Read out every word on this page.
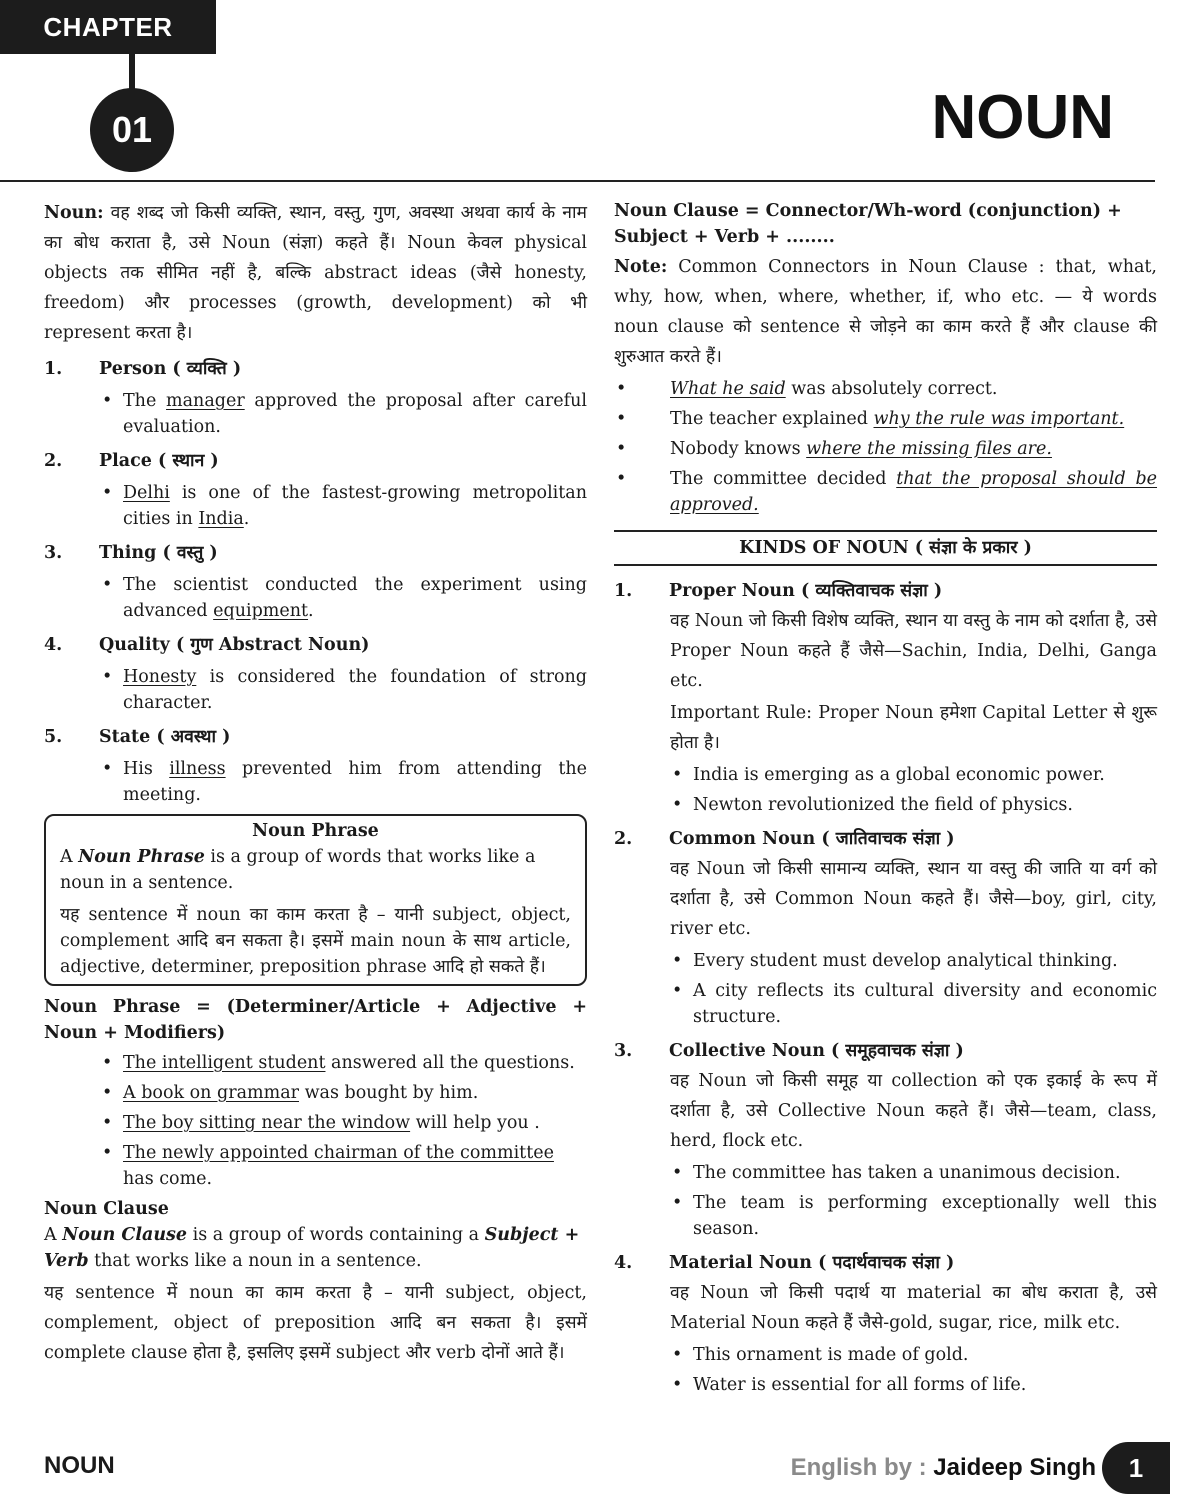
CHAPTER
01	NOUN

Noun: वह शब्द जो किसी व्यक्ति, स्थान, वस्तु, गुण, अवस्था अथवा कार्य के नाम का बोध कराता है, उसे Noun (संज्ञा) कहते हैं। Noun केवल physical objects तक सीमित नहीं है, बल्कि abstract ideas (जैसे honesty, freedom) और processes (growth, development) को भी represent करता है।

1.	Person ( व्यक्ति )
• The manager approved the proposal after careful evaluation.
2.	Place ( स्थान )
• Delhi is one of the fastest-growing metropolitan cities in India.
3.	Thing ( वस्तु )
• The scientist conducted the experiment using advanced equipment.
4.	Quality ( गुण Abstract Noun)
• Honesty is considered the foundation of strong character.
5.	State ( अवस्था )
• His illness prevented him from attending the meeting.
Noun Phrase

A Noun Phrase is a group of words that works like a noun in a sentence.

यह sentence में noun का काम करता है – यानी subject, object, complement आदि बन सकता है। इसमें main noun के साथ article, adjective, determiner, preposition phrase आदि हो सकते हैं।

Noun Phrase = (Determiner/Article + Adjective + Noun + Modifiers)

• The intelligent student answered all the questions.
• A book on grammar was bought by him.
• The boy sitting near the window will help you .
• The newly appointed chairman of the committee has come.

Noun Clause

A Noun Clause is a group of words containing a Subject + Verb that works like a noun in a sentence.

यह sentence में noun का काम करता है – यानी subject, object, complement, object of preposition आदि बन सकता है। इसमें complete clause होता है, इसलिए इसमें subject और verb दोनों आते हैं।

Noun Clause = Connector/Wh-word (conjunction) + Subject + Verb + ........

Note: Common Connectors in Noun Clause : that, what, why, how, when, where, whether, if, who etc. — ये words noun clause को sentence से जोड़ने का काम करते हैं और clause की शुरुआत करते हैं।

• What he said was absolutely correct.
• The teacher explained why the rule was important.
• Nobody knows where the missing files are.
• The committee decided that the proposal should be approved.
KINDS OF NOUN ( संज्ञा के प्रकार )
1.	Proper Noun ( व्यक्तिवाचक संज्ञा )

वह Noun जो किसी विशेष व्यक्ति, स्थान या वस्तु के नाम को दर्शाता है, उसे Proper Noun कहते हैं जैसे—Sachin, India, Delhi, Ganga etc.

Important Rule: Proper Noun हमेशा Capital Letter से शुरू होता है।

• India is emerging as a global economic power.
• Newton revolutionized the field of physics.
2.	Common Noun ( जातिवाचक संज्ञा )

वह Noun जो किसी सामान्य व्यक्ति, स्थान या वस्तु की जाति या वर्ग को दर्शाता है, उसे Common Noun कहते हैं। जैसे—boy, girl, city, river etc.

• Every student must develop analytical thinking.
• A city reflects its cultural diversity and economic structure.
3.	Collective Noun ( समूहवाचक संज्ञा )

वह Noun जो किसी समूह या collection को एक इकाई के रूप में दर्शाता है, उसे Collective Noun कहते हैं। जैसे—team, class, herd, flock etc.

• The committee has taken a unanimous decision.
• The team is performing exceptionally well this season.
4.	Material Noun ( पदार्थवाचक संज्ञा )

वह Noun जो किसी पदार्थ या material का बोध कराता है, उसे Material Noun कहते हैं जैसे-gold, sugar, rice, milk etc.

• This ornament is made of gold.
• Water is essential for all forms of life.
NOUN	English by : Jaideep Singh	1
